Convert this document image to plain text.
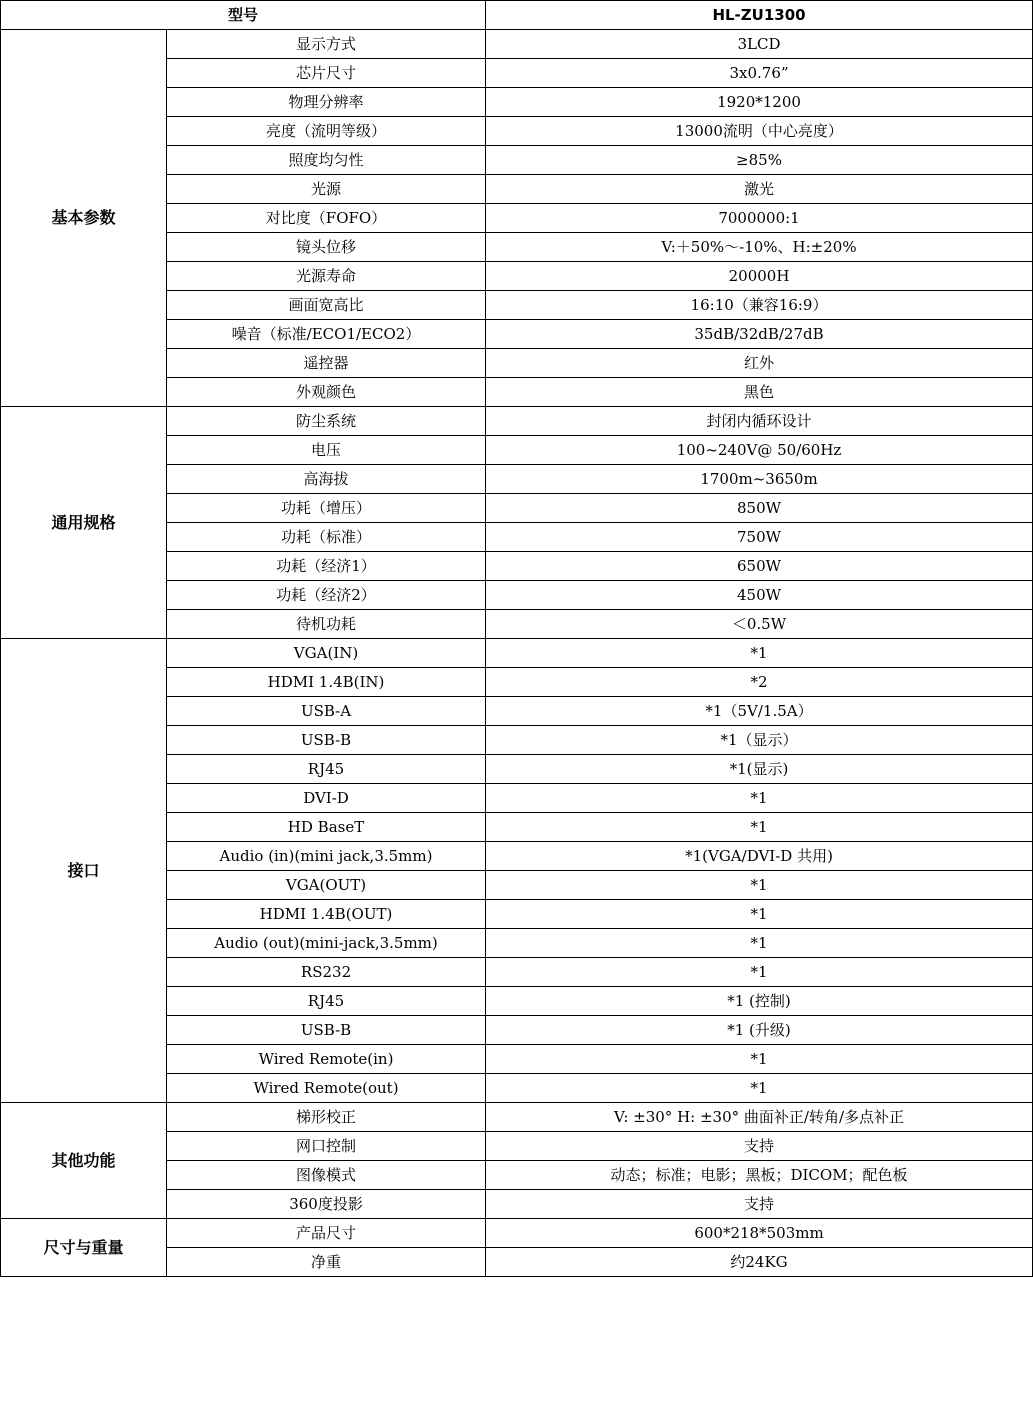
型号		HL-ZU1300
基本参数	显示方式	3LCD
	芯片尺寸	3x0.76”
	物理分辨率	1920*1200
	亮度（流明等级）	13000流明（中心亮度）
	照度均匀性	≥85%
	光源	激光
	对比度（FOFO）	7000000:1
	镜头位移	V:＋50%～-10%、H:±20%
	光源寿命	20000H
	画面宽高比	16:10（兼容16:9）
	噪音（标准/ECO1/ECO2）	35dB/32dB/27dB
	遥控器	红外
	外观颜色	黑色
通用规格	防尘系统	封闭内循环设计
	电压	100~240V@ 50/60Hz
	高海拔	1700m~3650m
	功耗（增压）	850W
	功耗（标准）	750W
	功耗（经济1）	650W
	功耗（经济2）	450W
	待机功耗	＜0.5W
接口	VGA(IN)	*1
	HDMI 1.4B(IN)	*2
	USB-A	*1（5V/1.5A）
	USB-B	*1（显示）
	RJ45	*1(显示)
	DVI-D	*1
	HD BaseT	*1
	Audio (in)(mini jack,3.5mm)	*1(VGA/DVI-D 共用)
	VGA(OUT)	*1
	HDMI 1.4B(OUT)	*1
	Audio (out)(mini-jack,3.5mm)	*1
	RS232	*1
	RJ45	*1 (控制)
	USB-B	*1 (升级)
	Wired Remote(in)	*1
	Wired Remote(out)	*1
其他功能	梯形校正	V: ±30° H: ±30° 曲面补正/转角/多点补正
	网口控制	支持
	图像模式	动态；标准；电影；黑板；DICOM；配色板
	360度投影	支持
尺寸与重量	产品尺寸	600*218*503mm
	净重	约24KG
